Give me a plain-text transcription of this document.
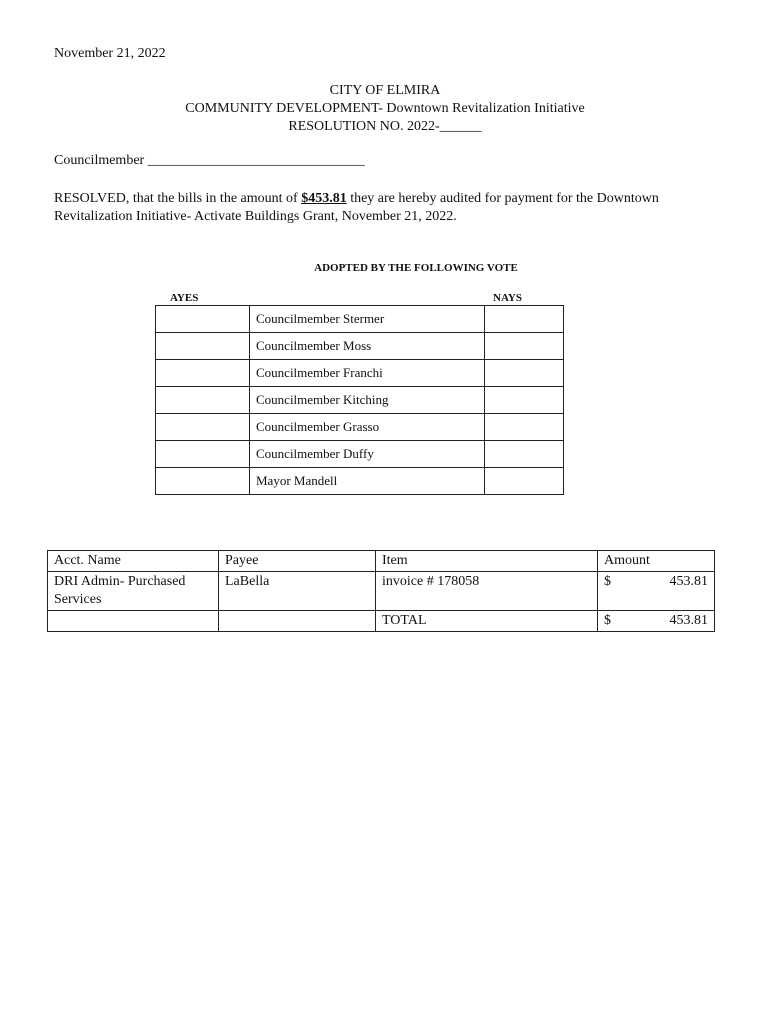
November 21, 2022
CITY OF ELMIRA
COMMUNITY DEVELOPMENT- Downtown Revitalization Initiative
RESOLUTION NO. 2022-______
Councilmember _______________________________
RESOLVED, that the bills in the amount of $453.81 they are hereby audited for payment for the Downtown Revitalization Initiative- Activate Buildings Grant, November 21, 2022.
ADOPTED BY THE FOLLOWING VOTE
AYES	NAYS
	Councilmember Stermer	
	Councilmember Moss	
	Councilmember Franchi	
	Councilmember Kitching	
	Councilmember Grasso	
	Councilmember Duffy	
	Mayor Mandell	
Acct. Name	Payee	Item	Amount
DRI Admin- Purchased Services	LaBella	invoice # 178058	$ 453.81

		TOTAL	$ 453.81
